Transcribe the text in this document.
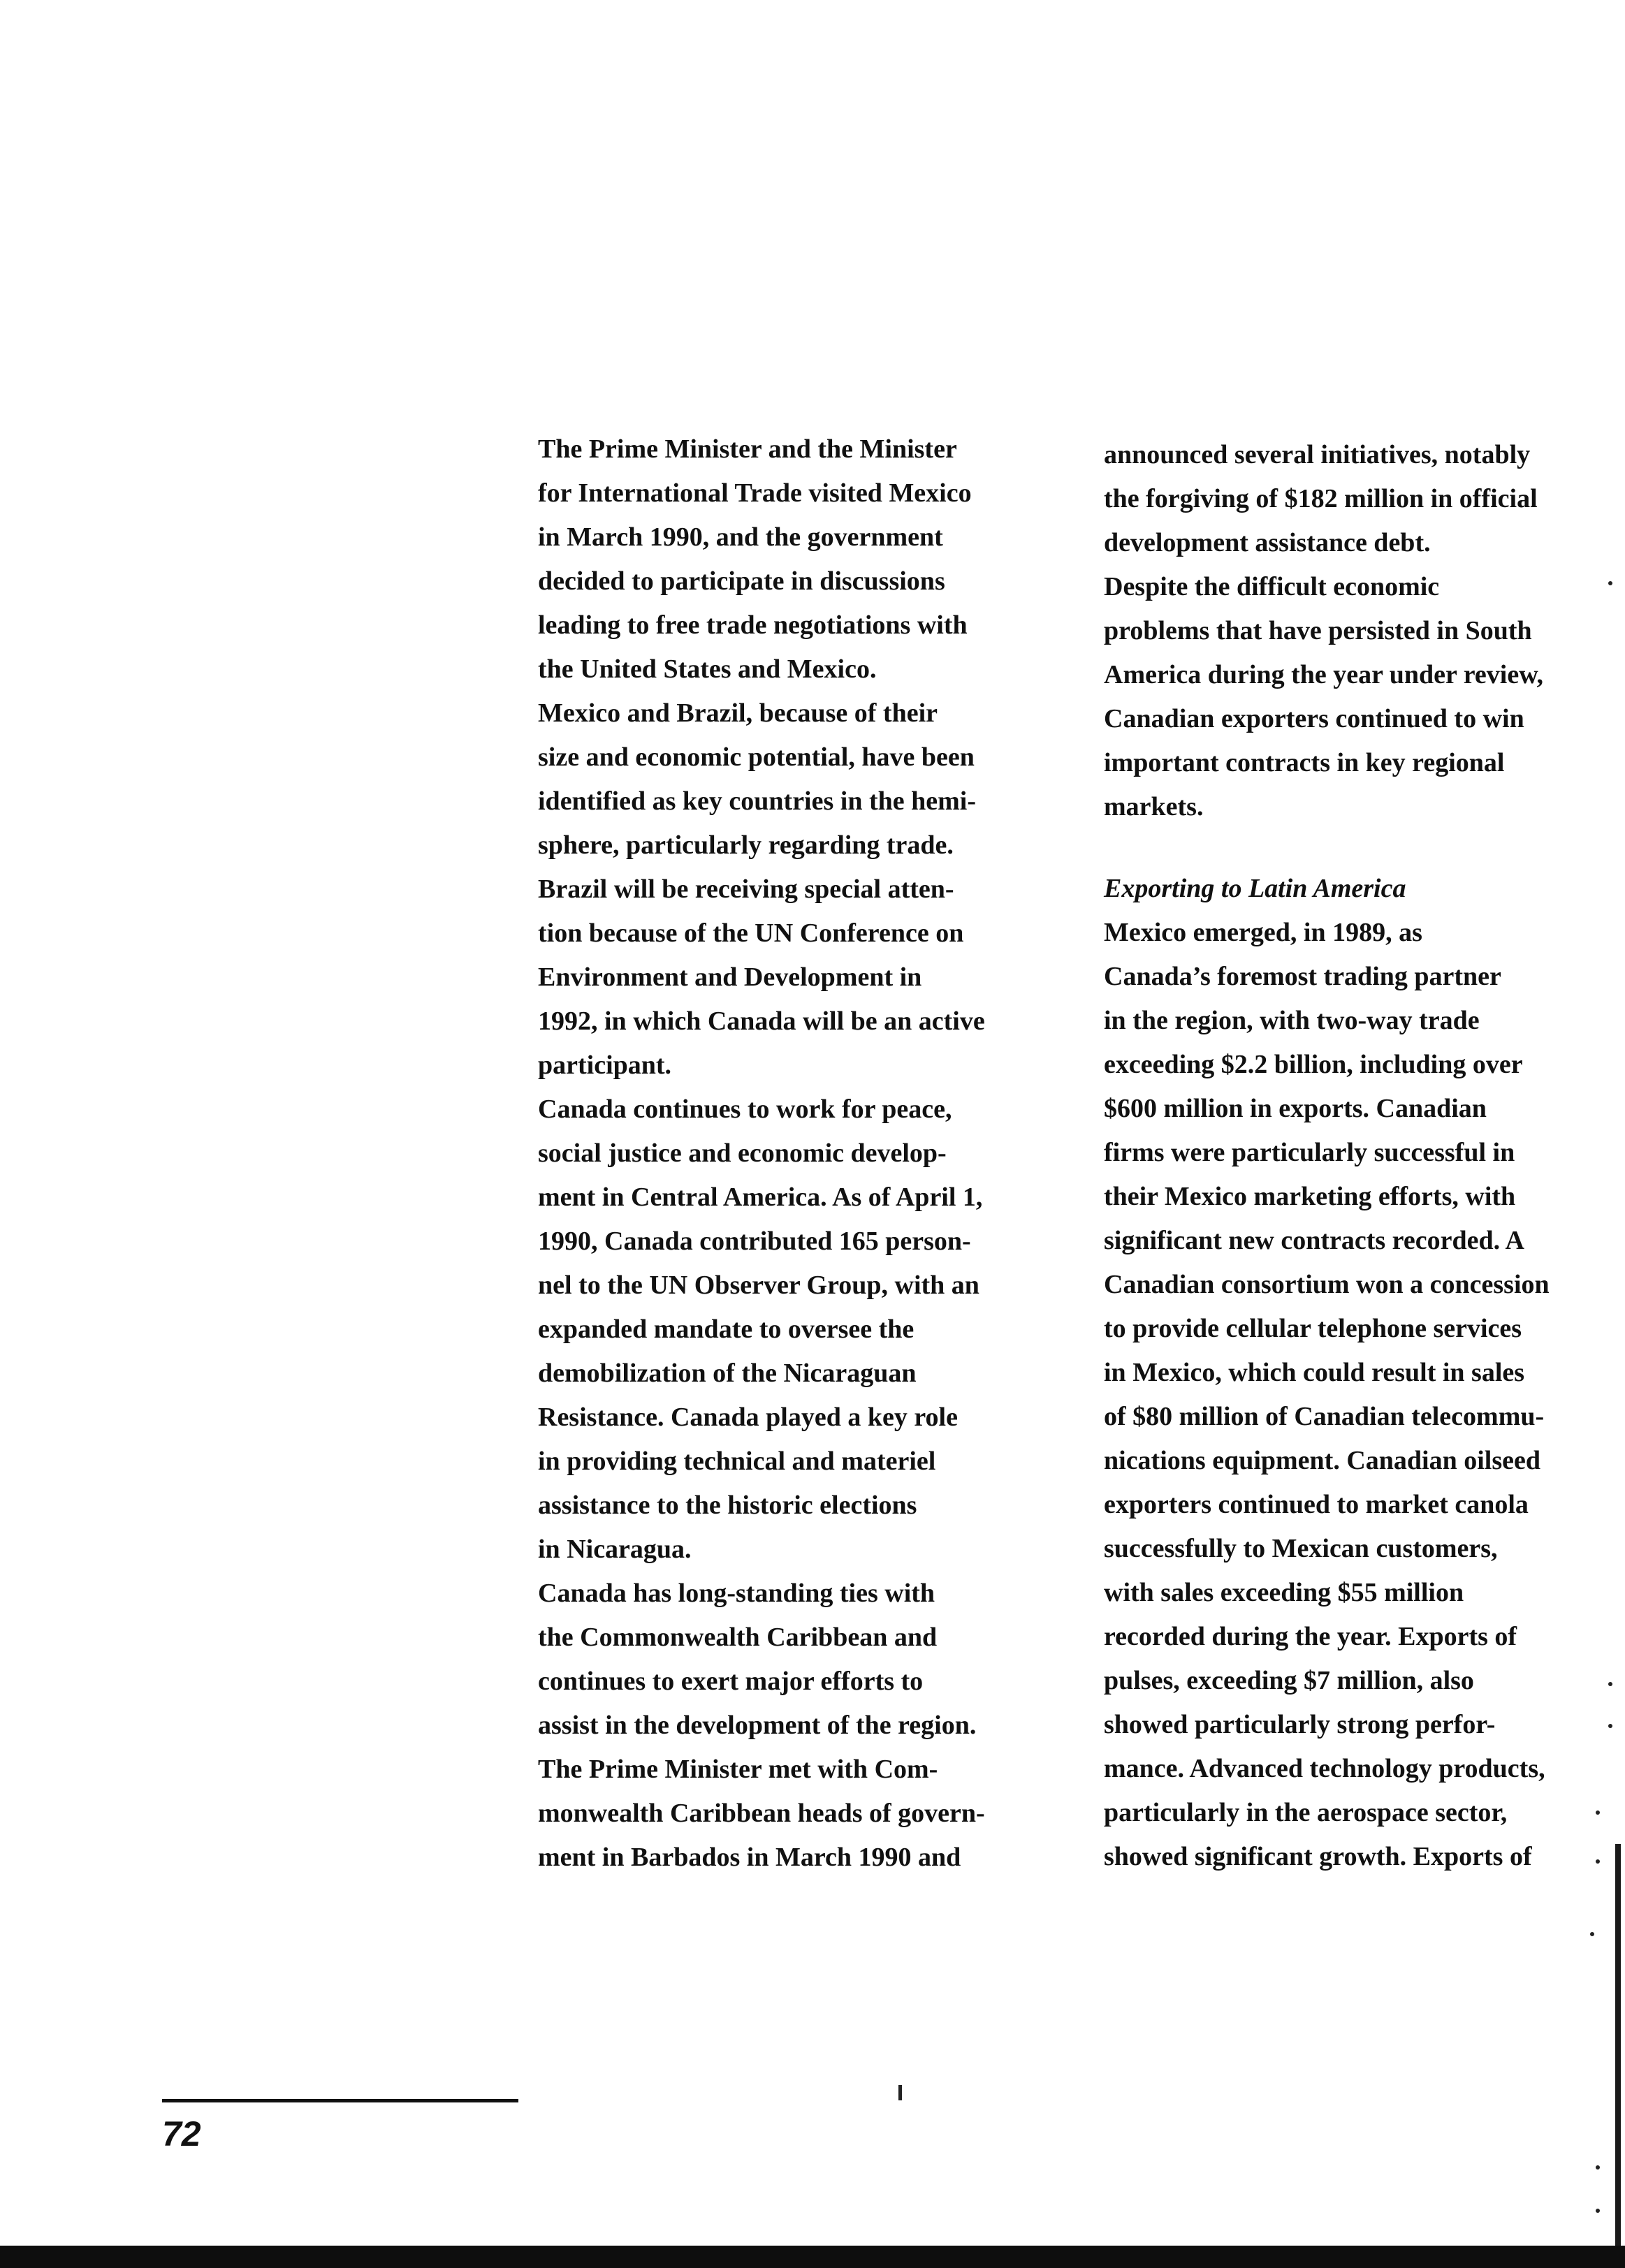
The Prime Minister and the Minister
for International Trade visited Mexico
in March 1990, and the government
decided to participate in discussions
leading to free trade negotiations with
the United States and Mexico.

Mexico and Brazil, because of their
size and economic potential, have been
identified as key countries in the hemi-
sphere, particularly regarding trade.
Brazil will be receiving special atten-
tion because of the UN Conference on
Environment and Development in
1992, in which Canada will be an active
participant.

Canada continues to work for peace,
social justice and economic develop-
ment in Central America. As of April 1,
1990, Canada contributed 165 person-
nel to the UN Observer Group, with an
expanded mandate to oversee the
demobilization of the Nicaraguan
Resistance. Canada played a key role
in providing technical and materiel
assistance to the historic elections
in Nicaragua.

Canada has long-standing ties with
the Commonwealth Caribbean and
continues to exert major efforts to
assist in the development of the region.
The Prime Minister met with Com-
monwealth Caribbean heads of govern-
ment in Barbados in March 1990 and

announced several initiatives, notably
the forgiving of $182 million in official
development assistance debt.

Despite the difficult economic
problems that have persisted in South
America during the year under review,
Canadian exporters continued to win
important contracts in key regional
markets.

Exporting to Latin America

Mexico emerged, in 1989, as
Canada’s foremost trading partner
in the region, with two-way trade
exceeding $2.2 billion, including over
$600 million in exports. Canadian
firms were particularly successful in
their Mexico marketing efforts, with
significant new contracts recorded. A
Canadian consortium won a concession
to provide cellular telephone services
in Mexico, which could result in sales
of $80 million of Canadian telecommu-
nications equipment. Canadian oilseed
exporters continued to market canola
successfully to Mexican customers,
with sales exceeding $55 million
recorded during the year. Exports of
pulses, exceeding $7 million, also
showed particularly strong perfor-
mance. Advanced technology products,
particularly in the aerospace sector,
showed significant growth. Exports of

72
